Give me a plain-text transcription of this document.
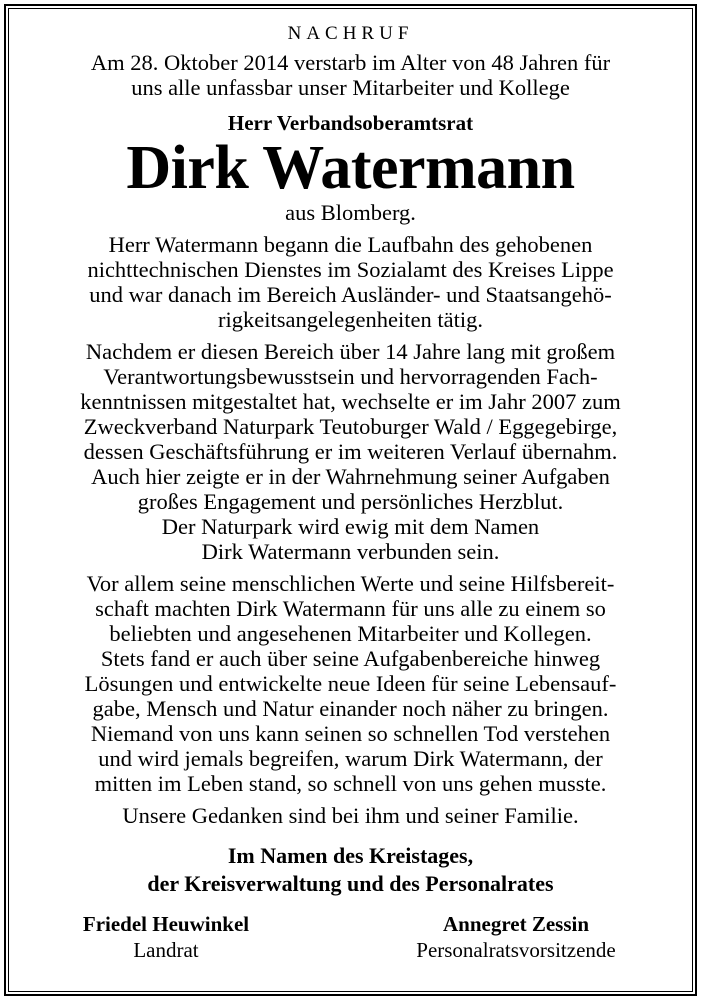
NACHRUF

Am 28. Oktober 2014 verstarb im Alter von 48 Jahren für
uns alle unfassbar unser Mitarbeiter und Kollege

Herr Verbandsoberamtsrat
Dirk Watermann
aus Blomberg.

Herr Watermann begann die Laufbahn des gehobenen
nichttechnischen Dienstes im Sozialamt des Kreises Lippe
und war danach im Bereich Ausländer- und Staatsangehö-
rigkeitsangelegenheiten tätig.

Nachdem er diesen Bereich über 14 Jahre lang mit großem
Verantwortungsbewusstsein und hervorragenden Fach-
kenntnissen mitgestaltet hat, wechselte er im Jahr 2007 zum
Zweckverband Naturpark Teutoburger Wald / Eggegebirge,
dessen Geschäftsführung er im weiteren Verlauf übernahm.
Auch hier zeigte er in der Wahrnehmung seiner Aufgaben
großes Engagement und persönliches Herzblut.
Der Naturpark wird ewig mit dem Namen
Dirk Watermann verbunden sein.

Vor allem seine menschlichen Werte und seine Hilfsbereit-
schaft machten Dirk Watermann für uns alle zu einem so
beliebten und angesehenen Mitarbeiter und Kollegen.
Stets fand er auch über seine Aufgabenbereiche hinweg
Lösungen und entwickelte neue Ideen für seine Lebensauf-
gabe, Mensch und Natur einander noch näher zu bringen.
Niemand von uns kann seinen so schnellen Tod verstehen
und wird jemals begreifen, warum Dirk Watermann, der
mitten im Leben stand, so schnell von uns gehen musste.

Unsere Gedanken sind bei ihm und seiner Familie.

Im Namen des Kreistages,
der Kreisverwaltung und des Personalrates
Friedel Heuwinkel
Landrat
Annegret Zessin
Personalratsvorsitzende
